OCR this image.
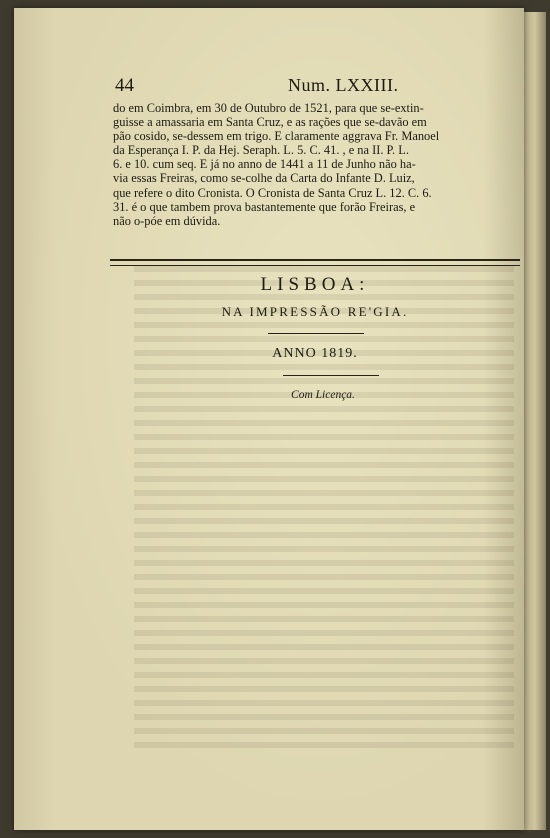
44	Num. LXXIII.

do em Coimbra, em 30 de Outubro de 1521, para que se-extin-

guisse a amassaria em Santa Cruz, e as rações que se-davão em

pão cosido, se-dessem em trigo. E claramente aggrava Fr. Manoel

da Esperança I. P. da Hej. Seraph. L. 5. C. 41. , e na II. P. L.

6. e 10. cum seq. E já no anno de 1441 a 11 de Junho não ha-

via essas Freiras, como se-colhe da Carta do Infante D. Luiz,

que refere o dito Cronista. O Cronista de Santa Cruz L. 12. C. 6.

31. é o que tambem prova bastantemente que forão Freiras, e

não o-póe em dúvida.

LISBOA:
NA IMPRESSÃO RE'GIA.
ANNO 1819.
Com Licença.
